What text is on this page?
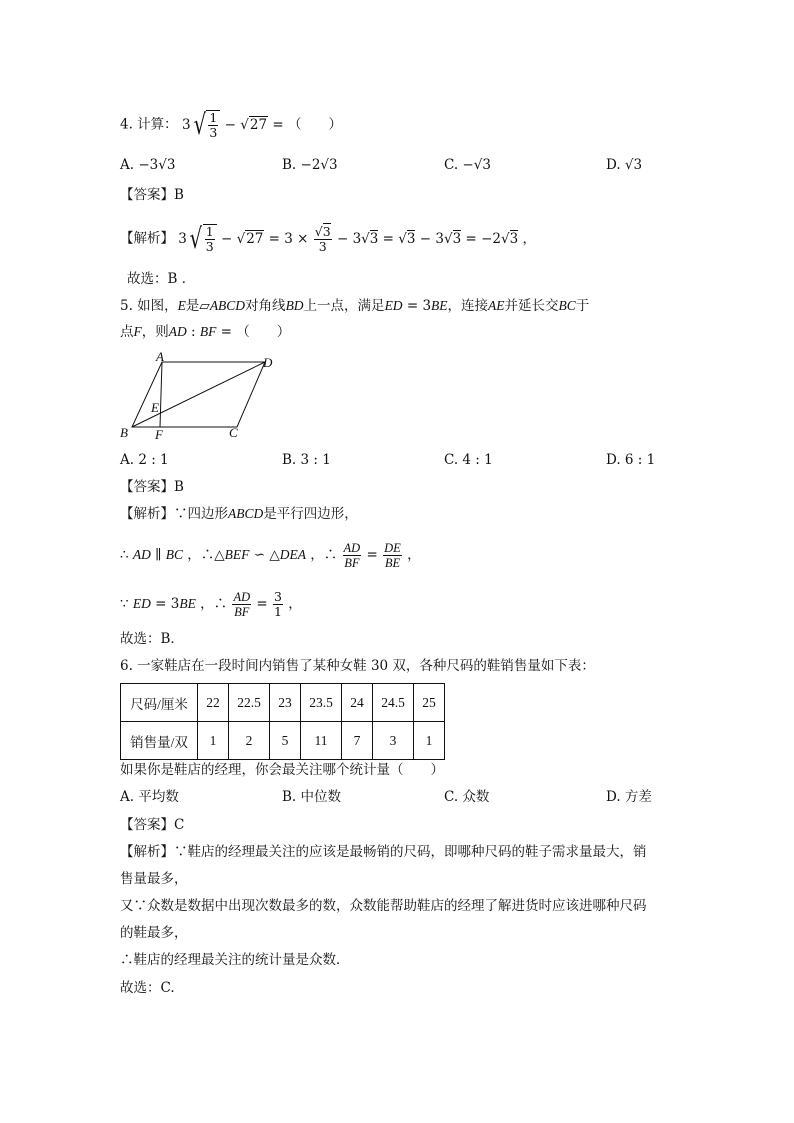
4. 计算： 3 √ $\frac{1}{3} - √27$ = （　　）
A. −3√3	B. −2√3	C. −√3	D. √3
【答案】B
【解析】 3 √ $\frac{1}{3} - √27 = 3 \times \frac{√3}{3} - 3√3 = √3 - 3√3 = -2√3$ ，
故选：B ．
5. 如图，E是▱ABCD对角线BD上一点，满足ED = 3BE，连接AE并延长交BC于
点F，则AD : BF = （　　）
A	D
E
B F	C
A. 2 : 1	B. 3 : 1	C. 4 : 1	D. 6 : 1
【答案】B
【解析】∵四边形ABCD是平行四边形，
∴ AD ∥ BC ，∴△BEF ∽ △DEA ，∴ $\frac{AD}{BF} = \frac{DE}{BE}$ ，
∵ ED = 3BE ，∴ $\frac{AD}{BF} = \frac{3}{1}$ ，
故选：B．
6. 一家鞋店在一段时间内销售了某种女鞋 30 双，各种尺码的鞋销售量如下表：
尺码/厘米	22	22.5	23	23.5	24	24.5	25
销售量/双	1	2	5	11	7	3	1
如果你是鞋店的经理，你会最关注哪个统计量（　　）
A. 平均数	B. 中位数	C. 众数	D. 方差
【答案】C
【解析】∵鞋店的经理最关注的应该是最畅销的尺码，即哪种尺码的鞋子需求量最大，销
售量最多，
又∵众数是数据中出现次数最多的数，众数能帮助鞋店的经理了解进货时应该进哪种尺码
的鞋最多，
∴鞋店的经理最关注的统计量是众数．
故选：C.
